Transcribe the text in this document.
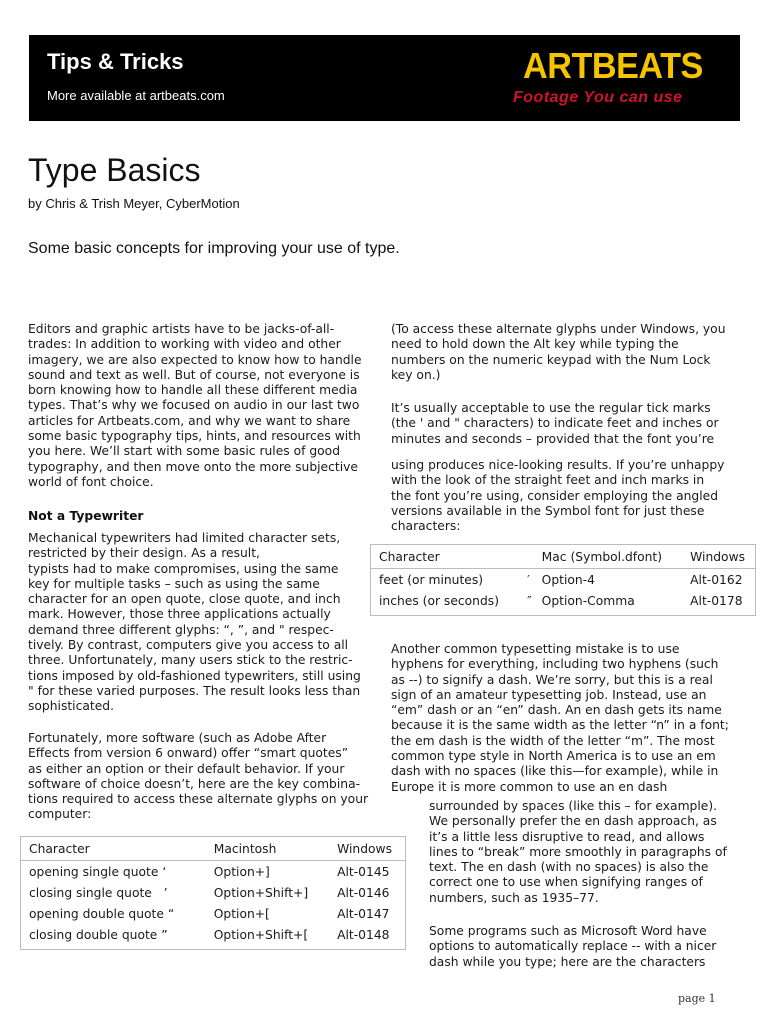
Tips & Tricks
More available at artbeats.com
ARTBEATS
Footage You can use
Type Basics
by Chris & Trish Meyer, CyberMotion
Some basic concepts for improving your use of type.

Editors and graphic artists have to be jacks-of-all-
trades: In addition to working with video and other
imagery, we are also expected to know how to handle
sound and text as well. But of course, not everyone is
born knowing how to handle all these different media
types. That’s why we focused on audio in our last two
articles for Artbeats.com, and why we want to share
some basic typography tips, hints, and resources with
you here. We’ll start with some basic rules of good
typography, and then move onto the more subjective
world of font choice.

Not a Typewriter

Mechanical typewriters had limited character sets,
restricted by their design. As a result,
typists had to make compromises, using the same
key for multiple tasks – such as using the same
character for an open quote, close quote, and inch
mark. However, those three applications actually
demand three different glyphs: “, ”, and " respec-
tively. By contrast, computers give you access to all
three. Unfortunately, many users stick to the restric-
tions imposed by old-fashioned typewriters, still using
" for these varied purposes. The result looks less than
sophisticated.

Fortunately, more software (such as Adobe After
Effects from version 6 onward) offer “smart quotes”
as either an option or their default behavior. If your
software of choice doesn’t, here are the key combina-
tions required to access these alternate glyphs on your
computer:

Character	Macintosh	Windows
opening single quote ‘	Option+]	Alt-0145
closing single quote   ’	Option+Shift+]	Alt-0146
opening double quote “	Option+[	Alt-0147
closing double quote ”	Option+Shift+[	Alt-0148

(To access these alternate glyphs under Windows, you
need to hold down the Alt key while typing the
numbers on the numeric keypad with the Num Lock
key on.)

It’s usually acceptable to use the regular tick marks
(the ' and " characters) to indicate feet and inches or
minutes and seconds – provided that the font you’re

using produces nice-looking results. If you’re unhappy
with the look of the straight feet and inch marks in
the font you’re using, consider employing the angled
versions available in the Symbol font for just these
characters:

Character		Mac (Symbol.dfont)	Windows
feet (or minutes)	′	Option-4	Alt-0162
inches (or seconds)	″	Option-Comma	Alt-0178

Another common typesetting mistake is to use
hyphens for everything, including two hyphens (such
as --) to signify a dash. We’re sorry, but this is a real
sign of an amateur typesetting job. Instead, use an
“em” dash or an “en” dash. An en dash gets its name
because it is the same width as the letter “n” in a font;
the em dash is the width of the letter “m”. The most
common type style in North America is to use an em
dash with no spaces (like this—for example), while in
Europe it is more common to use an en dash

surrounded by spaces (like this – for example).
We personally prefer the en dash approach, as
it’s a little less disruptive to read, and allows
lines to “break” more smoothly in paragraphs of
text. The en dash (with no spaces) is also the
correct one to use when signifying ranges of
numbers, such as 1935–77.

Some programs such as Microsoft Word have
options to automatically replace -- with a nicer
dash while you type; here are the characters

page 1
